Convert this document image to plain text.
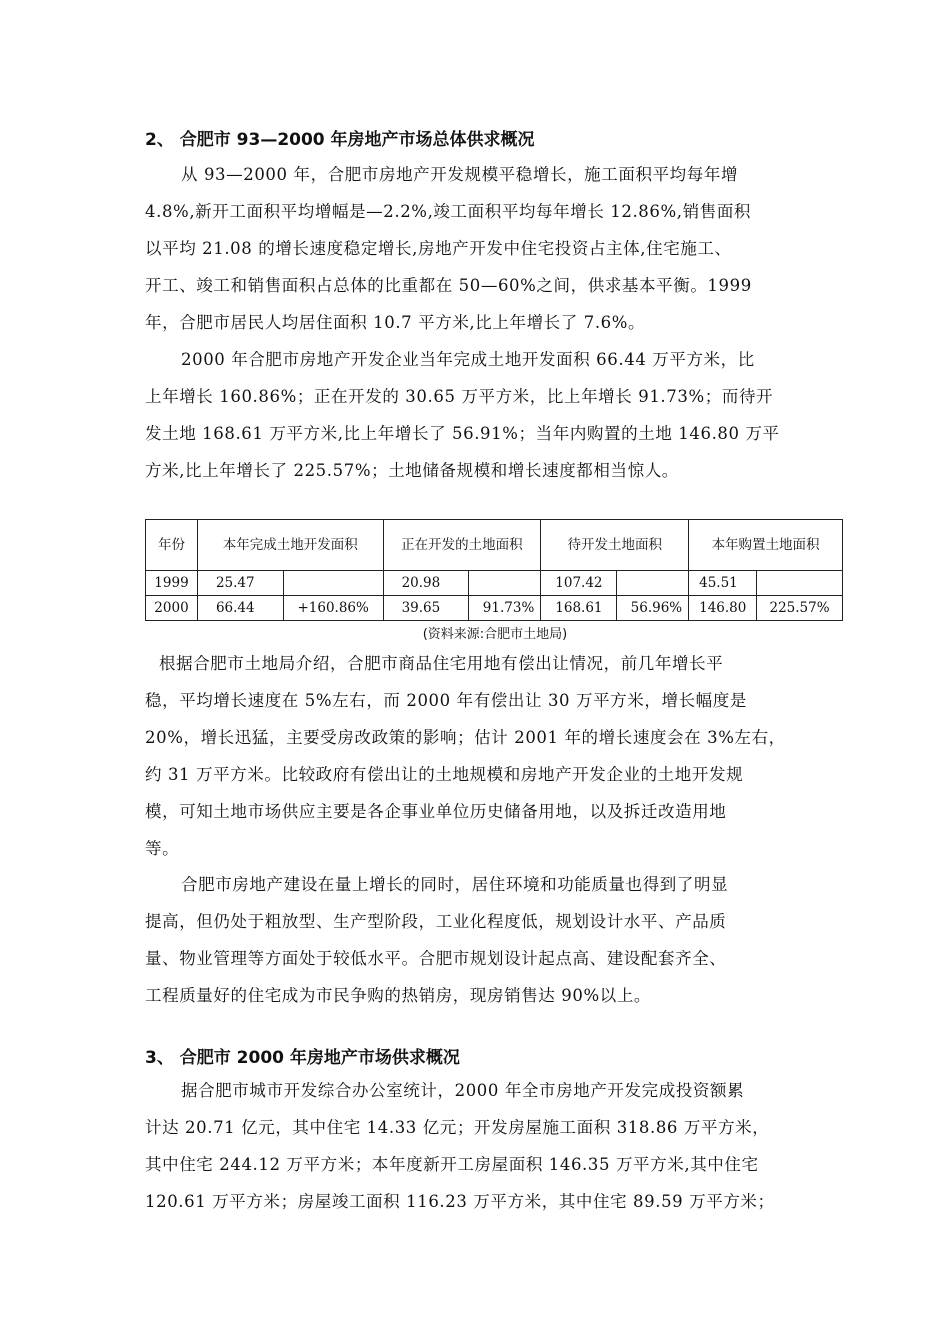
2、 合肥市 93—2000 年房地产市场总体供求概况
从 93—2000 年，合肥市房地产开发规模平稳增长，施工面积平均每年增
4.8%,新开工面积平均增幅是—2.2%,竣工面积平均每年增长 12.86%,销售面积
以平均 21.08 的增长速度稳定增长,房地产开发中住宅投资占主体,住宅施工、
开工、竣工和销售面积占总体的比重都在 50—60%之间，供求基本平衡。1999
年，合肥市居民人均居住面积 10.7 平方米,比上年增长了 7.6%。
2000 年合肥市房地产开发企业当年完成土地开发面积 66.44 万平方米，比
上年增长 160.86%；正在开发的 30.65 万平方米，比上年增长 91.73%；而待开
发土地 168.61 万平方米,比上年增长了 56.91%；当年内购置的土地 146.80 万平
方米,比上年增长了 225.57%；土地储备规模和增长速度都相当惊人。
年份	本年完成土地开发面积		正在开发的土地面积		待开发土地面积		本年购置土地面积	
1999	25.47		20.98		107.42		45.51	
2000	66.44	+160.86%	39.65	91.73%	168.61	56.96%	146.80	225.57%
(资料来源:合肥市土地局)
根据合肥市土地局介绍，合肥市商品住宅用地有偿出让情况，前几年增长平
稳，平均增长速度在 5%左右，而 2000 年有偿出让 30 万平方米，增长幅度是
20%，增长迅猛，主要受房改政策的影响；估计 2001 年的增长速度会在 3%左右，
约 31 万平方米。比较政府有偿出让的土地规模和房地产开发企业的土地开发规
模，可知土地市场供应主要是各企事业单位历史储备用地，以及拆迁改造用地
等。
合肥市房地产建设在量上增长的同时，居住环境和功能质量也得到了明显
提高，但仍处于粗放型、生产型阶段，工业化程度低，规划设计水平、产品质
量、物业管理等方面处于较低水平。合肥市规划设计起点高、建设配套齐全、
工程质量好的住宅成为市民争购的热销房，现房销售达 90%以上。
3、 合肥市 2000 年房地产市场供求概况
据合肥市城市开发综合办公室统计，2000 年全市房地产开发完成投资额累
计达 20.71 亿元，其中住宅 14.33 亿元；开发房屋施工面积 318.86 万平方米，
其中住宅 244.12 万平方米；本年度新开工房屋面积 146.35 万平方米,其中住宅
120.61 万平方米；房屋竣工面积 116.23 万平方米，其中住宅 89.59 万平方米；
